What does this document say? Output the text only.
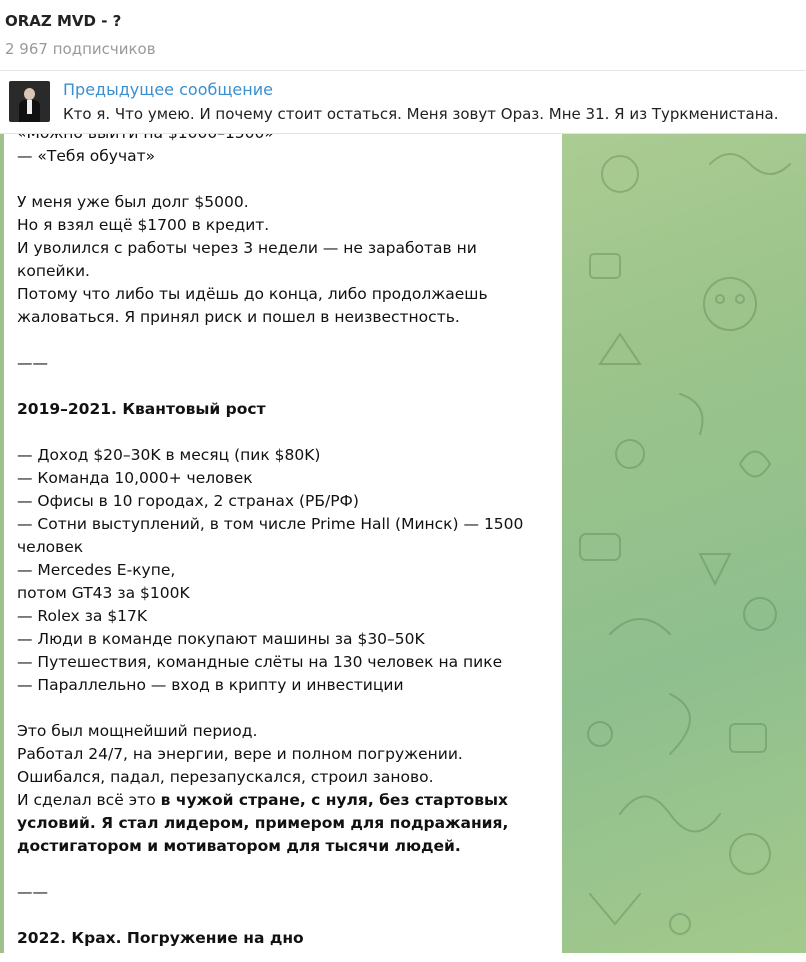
ORAZ MVD - ?
2 967 подписчиков
Предыдущее сообщение
Кто я. Что умею. И почему стоит остаться. Меня зовут Ораз. Мне 31. Я из Туркменистана.
— «Тебя обучат»
У меня уже был долг $5000.
Но я взял ещё $1700 в кредит.
И уволился с работы через 3 недели — не заработав ни
копейки.
Потому что либо ты идёшь до конца, либо продолжаешь
жаловаться. Я принял риск и пошел в неизвестность.
——
2019–2021. Квантовый рост
— Доход $20–30K в месяц (пик $80K)
— Команда 10,000+ человек
— Офисы в 10 городах, 2 странах (РБ/РФ)
— Сотни выступлений, в том числе Prime Hall (Минск) — 1500
человек
— Mercedes E-купе,
потом GT43 за $100K
— Rolex за $17K
— Люди в команде покупают машины за $30–50K
— Путешествия, командные слёты на 130 человек на пике
— Параллельно — вход в крипту и инвестиции
Это был мощнейший период.
Работал 24/7, на энергии, вере и полном погружении.
Ошибался, падал, перезапускался, строил заново.
И сделал всё это в чужой стране, с нуля, без стартовых
условий. Я стал лидером, примером для подражания,
достигатором и мотиватором для тысячи людей.
——
2022. Крах. Погружение на дно
